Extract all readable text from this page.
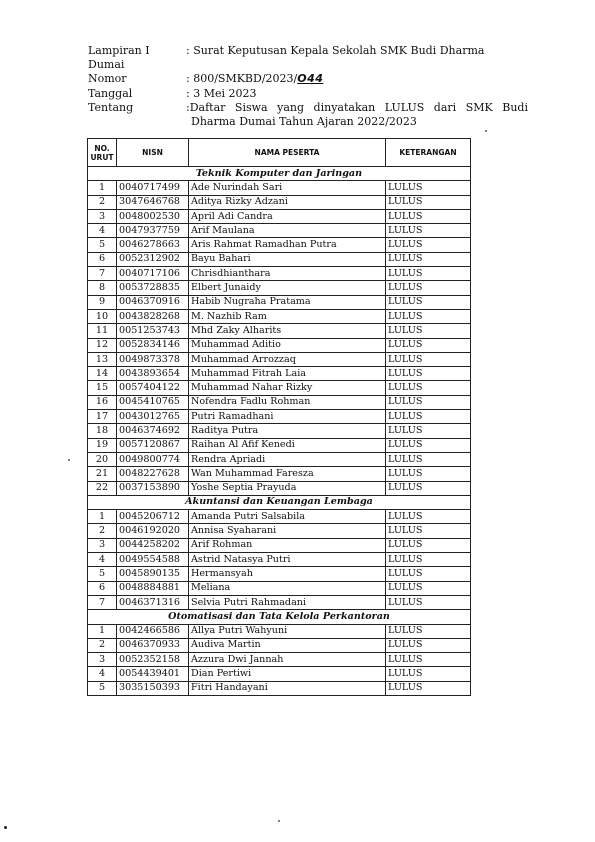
Lampiran I	: Surat Keputusan Kepala Sekolah SMK Budi Dharma
Dumai
Nomor	: 800/SMKBD/2023/O44
Tanggal	: 3 Mei 2023
Tentang	:Daftar Siswa yang dinyatakan LULUS dari SMK Budi
Dharma Dumai Tahun Ajaran 2022/2023
NO. URUT	NISN	NAMA PESERTA	KETERANGAN
Teknik Komputer dan Jaringan			
1	0040717499	Ade Nurindah Sari	LULUS
2	3047646768	Aditya Rizky Adzani	LULUS
3	0048002530	April Adi Candra	LULUS
4	0047937759	Arif Maulana	LULUS
5	0046278663	Aris Rahmat Ramadhan Putra	LULUS
6	0052312902	Bayu Bahari	LULUS
7	0040717106	Chrisdhianthara	LULUS
8	0053728835	Elbert Junaidy	LULUS
9	0046370916	Habib Nugraha Pratama	LULUS
10	0043828268	M. Nazhib Ram	LULUS
11	0051253743	Mhd Zaky Alharits	LULUS
12	0052834146	Muhammad Aditio	LULUS
13	0049873378	Muhammad Arrozzaq	LULUS
14	0043893654	Muhammad Fitrah Laia	LULUS
15	0057404122	Muhammad Nahar Rizky	LULUS
16	0045410765	Nofendra Fadlu Rohman	LULUS
17	0043012765	Putri Ramadhani	LULUS
18	0046374692	Raditya Putra	LULUS
19	0057120867	Raihan Al Afif Kenedi	LULUS
20	0049800774	Rendra Apriadi	LULUS
21	0048227628	Wan Muhammad Faresza	LULUS
22	0037153890	Yoshe Septia Prayuda	LULUS
Akuntansi dan Keuangan Lembaga			
1	0045206712	Amanda Putri Salsabila	LULUS
2	0046192020	Annisa Syaharani	LULUS
3	0044258202	Arif Rohman	LULUS
4	0049554588	Astrid Natasya Putri	LULUS
5	0045890135	Hermansyah	LULUS
6	0048884881	Meliana	LULUS
7	0046371316	Selvia Putri Rahmadani	LULUS
Otomatisasi dan Tata Kelola Perkantoran			
1	0042466586	Allya Putri Wahyuni	LULUS
2	0046370933	Audiva Martin	LULUS
3	0052352158	Azzura Dwi Jannah	LULUS
4	0054439401	Dian Pertiwi	LULUS
5	3035150393	Fitri Handayani	LULUS
